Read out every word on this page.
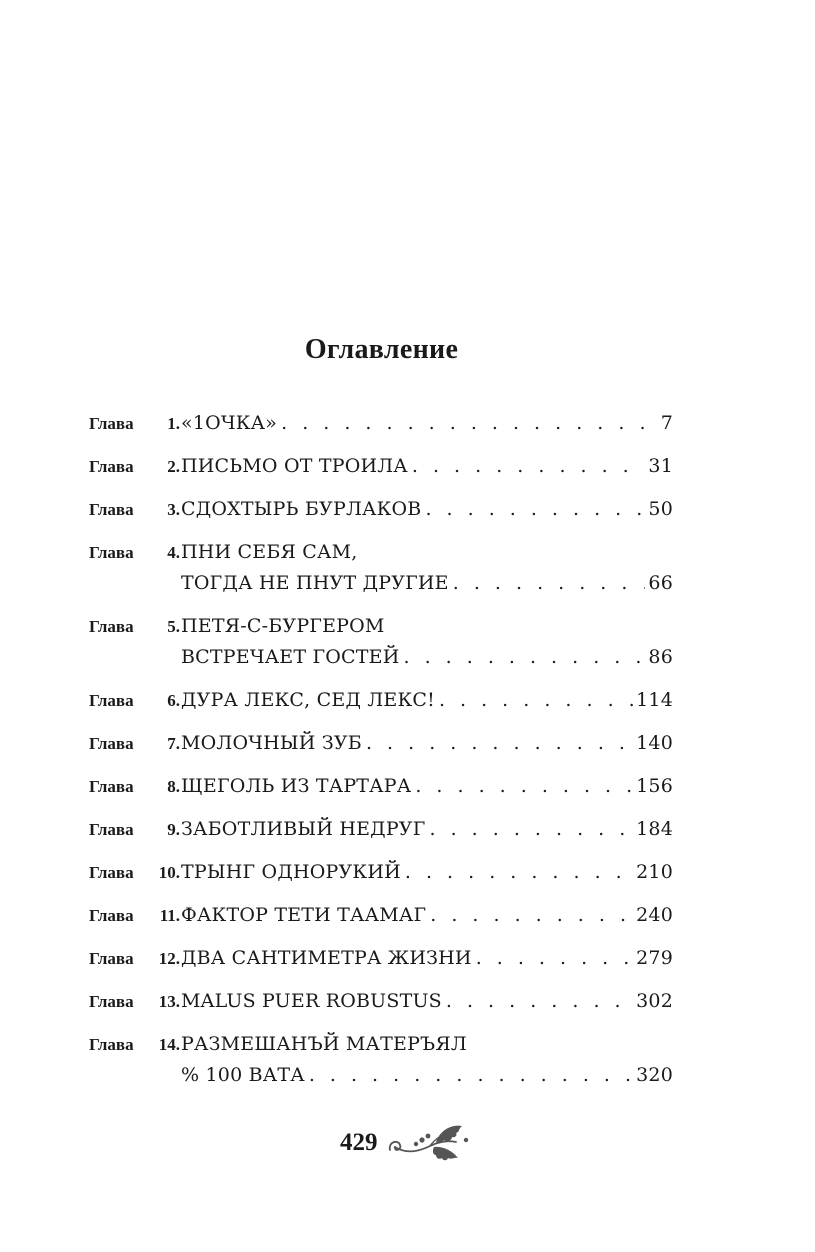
Оглавление
Глава	1. «1ОЧКА» . . .	7
Глава	2. ПИСЬМО ОТ ТРОИЛА . . .	31
Глава	3. СДОХТЫРЬ БУРЛАКОВ . . .	50
Глава	4. ПНИ СЕБЯ САМ,
ТОГДА НЕ ПНУТ ДРУГИЕ . . .	66
Глава	5. ПЕТЯ-С-БУРГЕРОМ
ВСТРЕЧАЕТ ГОСТЕЙ . . .	86
Глава	6. ДУРА ЛЕКС, СЕД ЛЕКС! . . .	114
Глава	7. МОЛОЧНЫЙ ЗУБ . . .	140
Глава	8. ЩЕГОЛЬ ИЗ ТАРТАРА . . .	156
Глава	9. ЗАБОТЛИВЫЙ НЕДРУГ . . .	184
Глава	10. ТРЫНГ ОДНОРУКИЙ . . .	210
Глава	11. ФАКТОР ТЕТИ ТААМАГ . . .	240
Глава	12. ДВА САНТИМЕТРА ЖИЗНИ . . .	279
Глава	13. MALUS PUER ROBUSTUS . . .	302
Глава	14. РАЗМЕШАНЪЙ МАТЕРЪЯЛ
% 100 ВАТА . . .	320
429
